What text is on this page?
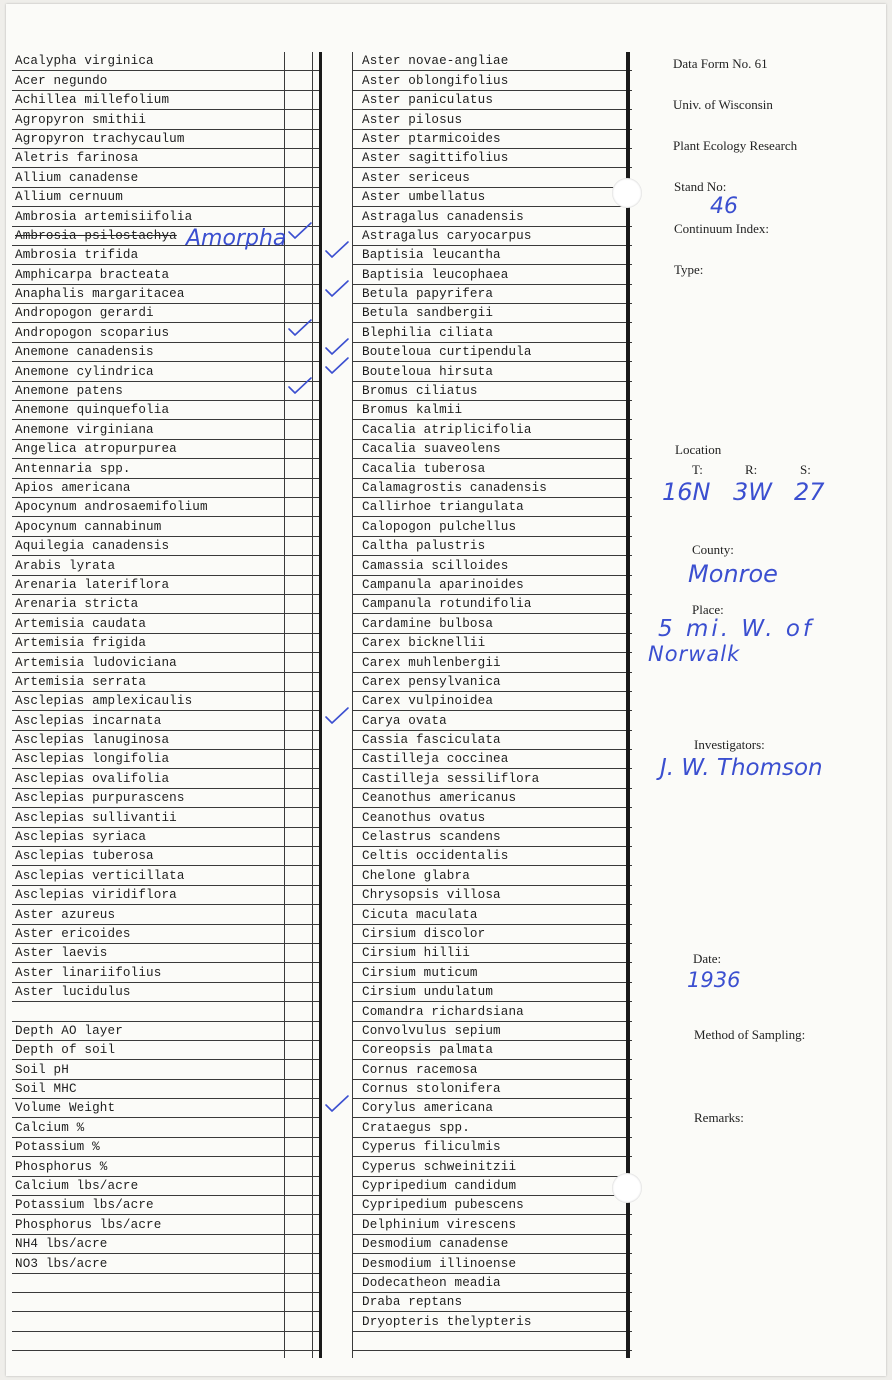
Acalypha virginica
Acer negundo
Achillea millefolium
Agropyron smithii
Agropyron trachycaulum
Aletris farinosa
Allium canadense
Allium cernuum
Ambrosia artemisiifolia
Ambrosia psilostachya
Ambrosia trifida
Amphicarpa bracteata
Anaphalis margaritacea
Andropogon gerardi
Andropogon scoparius
Anemone canadensis
Anemone cylindrica
Anemone patens
Anemone quinquefolia
Anemone virginiana
Angelica atropurpurea
Antennaria spp.
Apios americana
Apocynum androsaemifolium
Apocynum cannabinum
Aquilegia canadensis
Arabis lyrata
Arenaria lateriflora
Arenaria stricta
Artemisia caudata
Artemisia frigida
Artemisia ludoviciana
Artemisia serrata
Asclepias amplexicaulis
Asclepias incarnata
Asclepias lanuginosa
Asclepias longifolia
Asclepias ovalifolia
Asclepias purpurascens
Asclepias sullivantii
Asclepias syriaca
Asclepias tuberosa
Asclepias verticillata
Asclepias viridiflora
Aster azureus
Aster ericoides
Aster laevis
Aster linariifolius
Aster lucidulus
Depth AO layer
Depth of soil
Soil pH
Soil MHC
Volume Weight
Calcium %
Potassium %
Phosphorus %
Calcium lbs/acre
Potassium lbs/acre
Phosphorus lbs/acre
NH4 lbs/acre
NO3 lbs/acre
Aster novae-angliae
Aster oblongifolius
Aster paniculatus
Aster pilosus
Aster ptarmicoides
Aster sagittifolius
Aster sericeus
Aster umbellatus
Astragalus canadensis
Astragalus caryocarpus
Baptisia leucantha
Baptisia leucophaea
Betula papyrifera
Betula sandbergii
Blephilia ciliata
Bouteloua curtipendula
Bouteloua hirsuta
Bromus ciliatus
Bromus kalmii
Cacalia atriplicifolia
Cacalia suaveolens
Cacalia tuberosa
Calamagrostis canadensis
Callirhoe triangulata
Calopogon pulchellus
Caltha palustris
Camassia scilloides
Campanula aparinoides
Campanula rotundifolia
Cardamine bulbosa
Carex bicknellii
Carex muhlenbergii
Carex pensylvanica
Carex vulpinoidea
Carya ovata
Cassia fasciculata
Castilleja coccinea
Castilleja sessiliflora
Ceanothus americanus
Ceanothus ovatus
Celastrus scandens
Celtis occidentalis
Chelone glabra
Chrysopsis villosa
Cicuta maculata
Cirsium discolor
Cirsium hillii
Cirsium muticum
Cirsium undulatum
Comandra richardsiana
Convolvulus sepium
Coreopsis palmata
Cornus racemosa
Cornus stolonifera
Corylus americana
Crataegus spp.
Cyperus filiculmis
Cyperus schweinitzii
Cypripedium candidum
Cypripedium pubescens
Delphinium virescens
Desmodium canadense
Desmodium illinoense
Dodecatheon meadia
Draba reptans
Dryopteris thelypteris
Amorpha
Data Form No. 61
Univ. of Wisconsin
Plant Ecology Research
Stand No:
46
Continuum Index:
Type:
Location
T:	R:	S:
16N 3W 27
County:
Monroe
Place:
5 mi. W. of
Norwalk
Investigators:
J. W. Thomson
Date:
1936
Method of Sampling:
Remarks:
